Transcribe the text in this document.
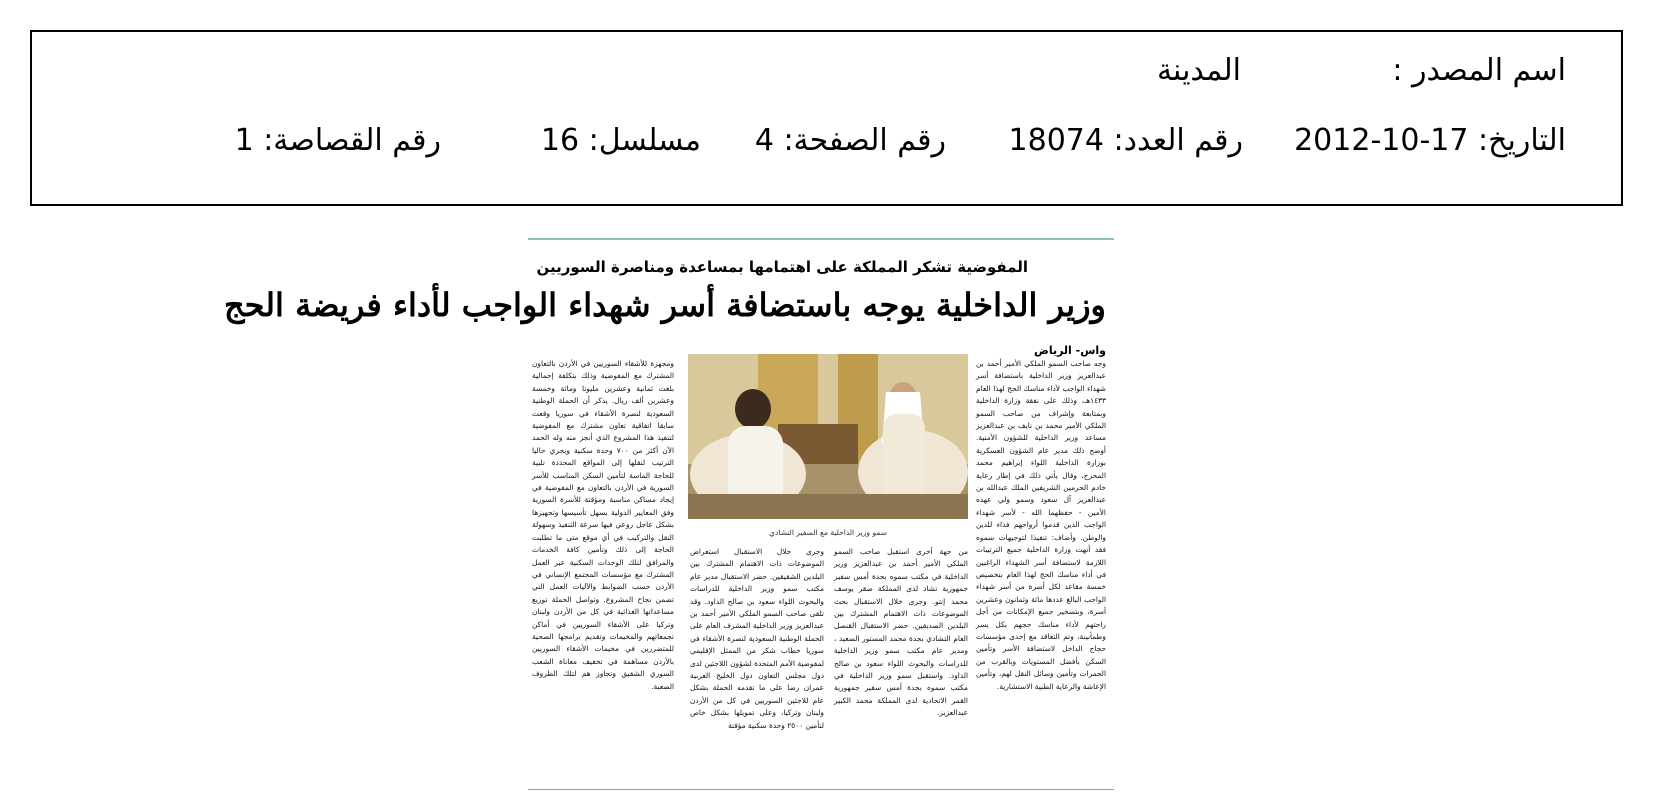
اسم المصدر :
المدينة
التاريخ: 17-10-2012
رقم العدد: 18074
رقم الصفحة: 4
مسلسل: 16
رقم القصاصة: 1
المفوضية تشكر المملكة على اهتمامها بمساعدة ومناصرة السوريين
وزير الداخلية يوجه باستضافة أسر شهداء الواجب لأداء فريضة الحج
واس- الرياض

وجه صاحب السمو الملكي الأمير أحمد بن عبدالعزيز وزير الداخلية باستضافة أسر شهداء الواجب لأداء مناسك الحج لهذا العام ١٤٣٣هـ، وذلك على نفقة وزارة الداخلية وبمتابعة وإشراف من صاحب السمو الملكي الأمير محمد بن نايف بن عبدالعزيز مساعد وزير الداخلية للشؤون الأمنية. أوضح ذلك مدير عام الشؤون العسكرية بوزارة الداخلية اللواء إبراهيم محمد المحرج، وقال يأتي ذلك في إطار رعاية خادم الحرمين الشريفين الملك عبدالله بن عبدالعزيز آل سعود وسمو ولي عهده الأمين - حفظهما الله - لأسر شهداء الواجب الذين قدموا أرواحهم فداء للدين والوطن. وأضاف: تنفيذا لتوجيهات سموه فقد أنهت وزارة الداخلية جميع الترتيبات اللازمة لاستضافة أسر الشهداء الراغبين في أداء مناسك الحج لهذا العام بتخصيص خمسة مقاعد لكل أسرة من أسر شهداء الواجب البالغ عددها مائة وثمانون وعشرين أسرة، وبتسخير جميع الإمكانات من أجل راحتهم لأداء مناسك حجهم بكل يسر وطمأنينة، وتم التعاقد مع إحدى مؤسسات حجاج الداخل لاستضافة الأسر وتأمين السكن بأفضل المستويات وبالقرب من الجمرات وتأمين وسائل النقل لهم، وتأمين الإعاشة والرعاية الطبية الاستشارية.

سمو وزير الداخلية مع السفير التشادي

من جهة أخرى استقبل صاحب السمو الملكي الأمير أحمد بن عبدالعزيز وزير الداخلية في مكتب سموه بجدة أمس سفير جمهورية تشاد لدى المملكة صقر يوسف محمد إنتو. وجرى خلال الاستقبال بحث الموضوعات ذات الاهتمام المشترك بين البلدين الصديقين. حضر الاستقبال القنصل العام التشادي بجدة محمد المستور السعيد ، ومدير عام مكتب سمو وزير الداخلية للدراسات والبحوث اللواء سعود بن صالح الداود. واستقبل سمو وزير الداخلية في مكتب سموه بجدة أمس سفير جمهورية القمر الاتحادية لدى المملكة محمد الكبير عبدالعزيز.

وجرى خلال الاستقبال استعراض الموضوعات ذات الاهتمام المشترك بين البلدين الشقيقين. حضر الاستقبال مدير عام مكتب سمو وزير الداخلية للدراسات والبحوث اللواء سعود بن صالح الداود. وقد تلقى صاحب السمو الملكي الأمير أحمد بن عبدالعزيز وزير الداخلية المشرف العام على الحملة الوطنية السعودية لنصرة الأشقاء في سوريا خطاب شكر من الممثل الإقليمي لمفوضية الأمم المتحدة لشؤون اللاجئين لدى دول مجلس التعاون دول الخليج العربية عمران رضا على ما تقدمه الحملة بشكل عام للاجئين السوريين في كل من الأردن ولبنان وتركيا، وعلى تمويلها بشكل خاص لتأمين ٢٥٠٠ وحدة سكنية مؤقتة

ومجهزة للأشقاء السوريين في الأردن بالتعاون المشترك مع المفوضية وذلك بتكلفة إجمالية بلغت ثمانية وعشرين مليونا ومائة وخمسة وعشرين ألف ريال. يذكر أن الحملة الوطنية السعودية لنصرة الأشقاء في سوريا وقعت سابقا اتفاقية تعاون مشترك مع المفوضية لتنفيذ هذا المشروع الذي أنجز منه وله الحمد الآن أكثر من ٧٠٠ وحدة سكنية ويجري حاليا الترتيب لنقلها إلى المواقع المحددة تلبية للحاجة الماسة لتأمين السكن المناسب للأسر السورية في الأردن بالتعاون مع المفوضية في إيجاد مساكن مناسبة ومؤقتة للأسرة السورية وفق المعايير الدولية بسهل تأسيسها وتجهيزها بشكل عاجل روعي فيها سرعة التنفيذ وسهولة النقل والتركيب في أي موقع متى ما تطلبت الحاجة إلى ذلك وتأمين كافة الخدمات والمرافق لتلك الوحدات السكنية عبر العمل المشترك مع مؤسسات المجتمع الإنساني في الأردن حسب الضوابط والآليات العمل التي تضمن نجاح المشروع. وتواصل الحملة توزيع مساعداتها الغذائية في كل من الأردن ولبنان وتركيا على الأشقاء السوريين في أماكن تجمعاتهم والمخيمات وتقديم برامجها الصحية للمتضررين في مخيمات الأشقاء السوريين بالأردن مساهمة في تخفيف معاناة الشعب السوري الشقيق وتجاوز هم لتلك الظروف الصعبة.
